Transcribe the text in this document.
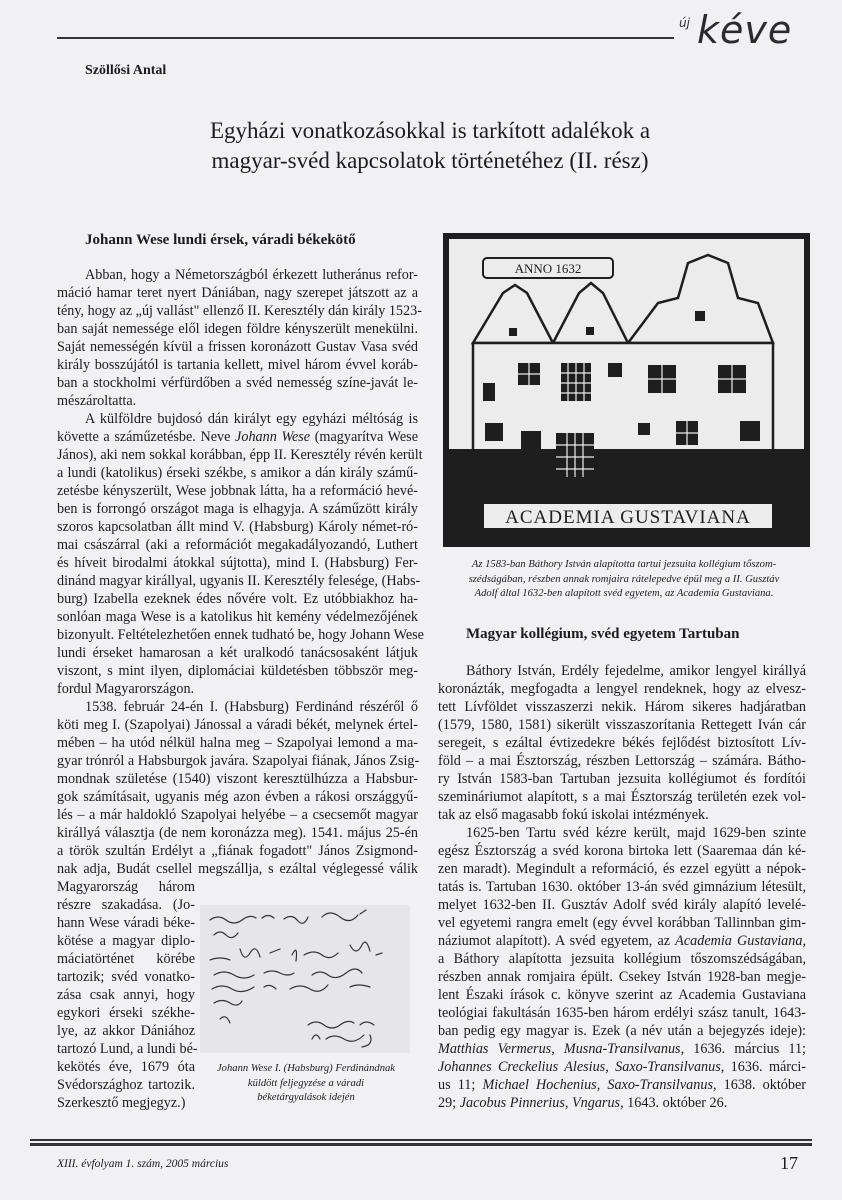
új kéve
Szöllősi Antal
Egyházi vonatkozásokkal is tarkított adalékok a
magyar-svéd kapcsolatok történetéhez (II. rész)
Johann Wese lundi érsek, váradi békekötő
Abban, hogy a Németországból érkezett lutheránus refor-
máció hamar teret nyert Dániában, nagy szerepet játszott az a
tény, hogy az „új vallást" ellenző II. Keresztély dán király 1523-
ban saját nemessége elől idegen földre kényszerült menekülni.
Saját nemességén kívül a frissen koronázott Gustav Vasa svéd
király bosszújától is tartania kellett, mivel három évvel koráb-
ban a stockholmi vérfürdőben a svéd nemesség színe-javát le-
mészároltatta.
A külföldre bujdosó dán királyt egy egyházi méltóság is
követte a száműzetésbe. Neve Johann Wese (magyarítva Wese
János), aki nem sokkal korábban, épp II. Keresztély révén került
a lundi (katolikus) érseki székbe, s amikor a dán király számű-
zetésbe kényszerült, Wese jobbnak látta, ha a reformáció hevé-
ben is forrongó országot maga is elhagyja. A száműzött király
szoros kapcsolatban állt mind V. (Habsburg) Károly német-ró-
mai császárral (aki a reformációt megakadályozandó, Luthert
és híveit birodalmi átokkal sújtotta), mind I. (Habsburg) Fer-
dinánd magyar királlyal, ugyanis II. Keresztély felesége, (Habs-
burg) Izabella ezeknek édes nővére volt. Ez utóbbiakhoz ha-
sonlóan maga Wese is a katolikus hit kemény védelmezőjének
bizonyult. Feltételezhetően ennek tudható be, hogy Johann Wese
lundi érseket hamarosan a két uralkodó tanácsosaként látjuk
viszont, s mint ilyen, diplomáciai küldetésben többször meg-
fordul Magyarországon.
1538. február 24-én I. (Habsburg) Ferdinánd részéről ő
köti meg I. (Szapolyai) Jánossal a váradi békét, melynek értel-
mében – ha utód nélkül halna meg – Szapolyai lemond a ma-
gyar trónról a Habsburgok javára. Szapolyai fiának, János Zsig-
mondnak születése (1540) viszont keresztülhúzza a Habsbur-
gok számításait, ugyanis még azon évben a rákosi országgyű-
lés – a már haldokló Szapolyai helyébe – a csecsemőt magyar
királlyá választja (de nem koronázza meg). 1541. május 25-én
a török szultán Erdélyt a „fiának fogadott" János Zsigmond-
nak adja, Budát csellel megszállja, s ezáltal véglegessé válik
Magyarország három
részre szakadása. (Jo-
hann Wese váradi béke-
kötése a magyar diplo-
máciatörténet körébe
tartozik; svéd vonatko-
zása csak annyi, hogy
egykori érseki székhe-
lye, az akkor Dániához
tartozó Lund, a lundi bé-
kekötés éve, 1679 óta
Svédországhoz tartozik.
Szerkesztő megjegyz.)
Johann Wese I. (Habsburg) Ferdinándnak
küldött feljegyzése a váradi
béketárgyalások idején
ANNO 1632
ACADEMIA GUSTAVIANA
Az 1583-ban Báthory István alapította tartui jezsuita kollégium tőszom-
szédságában, részben annak romjaira rátelepedve épül meg a II. Gusztáv
Adolf által 1632-ben alapított svéd egyetem, az Academia Gustaviana.
Magyar kollégium, svéd egyetem Tartuban
Báthory István, Erdély fejedelme, amikor lengyel királlyá
koronázták, megfogadta a lengyel rendeknek, hogy az elvesz-
tett Lívföldet visszaszerzi nekik. Három sikeres hadjáratban
(1579, 1580, 1581) sikerült visszaszorítania Rettegett Iván cár
seregeit, s ezáltal évtizedekre békés fejlődést biztosított Lív-
föld – a mai Észtország, részben Lettország – számára. Bátho-
ry István 1583-ban Tartuban jezsuita kollégiumot és fordítói
szemináriumot alapított, s a mai Észtország területén ezek vol-
tak az első magasabb fokú iskolai intézmények.
1625-ben Tartu svéd kézre került, majd 1629-ben szinte
egész Észtország a svéd korona birtoka lett (Saaremaa dán ké-
zen maradt). Megindult a reformáció, és ezzel együtt a népok-
tatás is. Tartuban 1630. október 13-án svéd gimnázium létesült,
melyet 1632-ben II. Gusztáv Adolf svéd király alapító levelé-
vel egyetemi rangra emelt (egy évvel korábban Tallinnban gim-
náziumot alapított). A svéd egyetem, az Academia Gustaviana,
a Báthory alapította jezsuita kollégium tőszomszédságában,
részben annak romjaira épült. Csekey István 1928-ban megje-
lent Északi írások c. könyve szerint az Academia Gustaviana
teológiai fakultásán 1635-ben három erdélyi szász tanult, 1643-
ban pedig egy magyar is. Ezek (a név után a bejegyzés ideje):
Matthias Vermerus, Musna-Transilvanus, 1636. március 11;
Johannes Creckelius Alesius, Saxo-Transilvanus, 1636. márci-
us 11; Michael Hochenius, Saxo-Transilvanus, 1638. október
29; Jacobus Pinnerius, Vngarus, 1643. október 26.
XIII. évfolyam 1. szám, 2005 március	17
